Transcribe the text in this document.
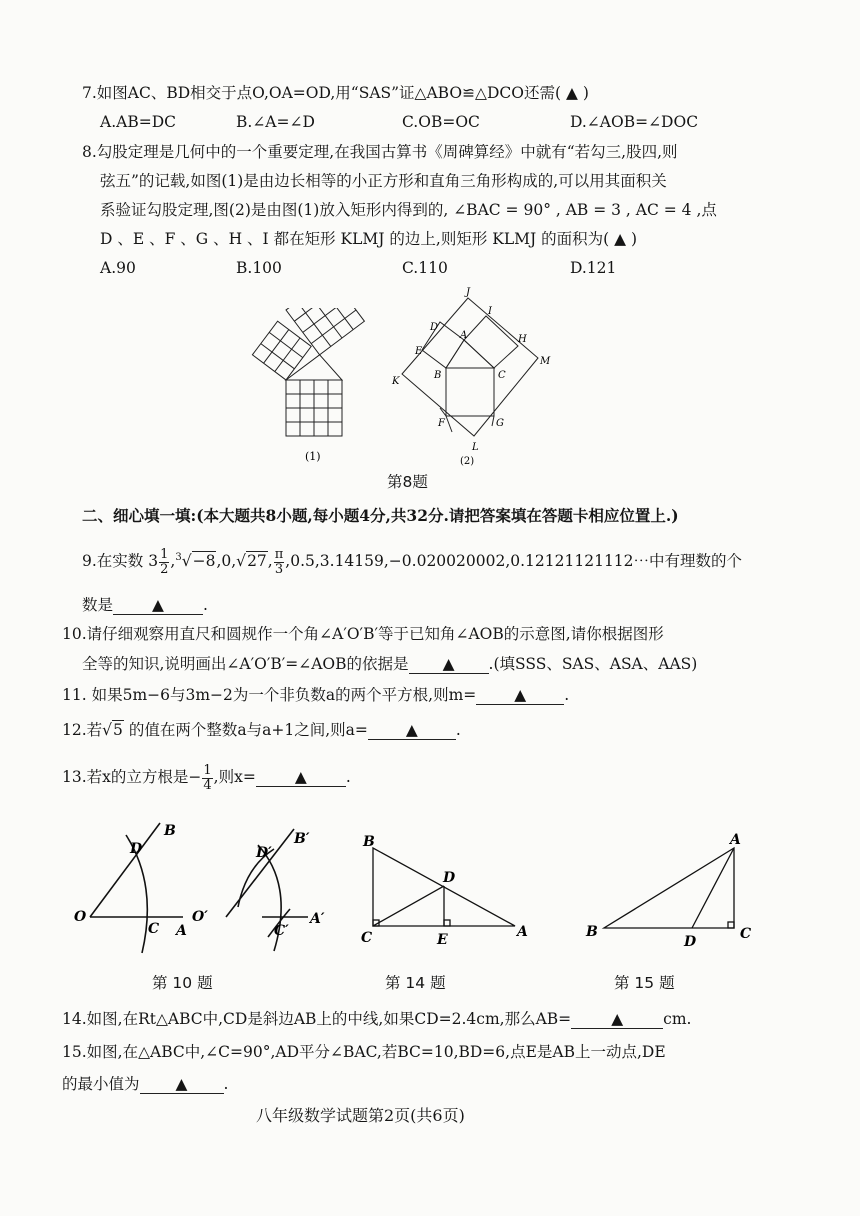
7.如图AC、BD相交于点O,OA=OD,用“SAS”证△ABO≌△DCO还需( ▲ )
A.AB=DC	B.∠A=∠D	C.OB=OC	D.∠AOB=∠DOC
8.勾股定理是几何中的一个重要定理,在我国古算书《周碑算经》中就有“若勾三,股四,则
弦五”的记载,如图(1)是由边长相等的小正方形和直角三角形构成的,可以用其面积关
系验证勾股定理,图(2)是由图(1)放入矩形内得到的, ∠BAC = 90° , AB = 3 , AC = 4 ,点
D 、E 、F 、G 、H 、I 都在矩形 KLMJ 的边上,则矩形 KLMJ 的面积为( ▲ )
A.90	B.100	C.110	D.121
(1)
J
I
D
H
A
E
M
K
B	C
F	G
L
(2)
第8题
二、细心填一填:(本大题共8小题,每小题4分,共32分.请把答案填在答题卡相应位置上.)
9.在实数 $3 \frac{1}{2} ,^3√-8,0,√27$, $\frac{\pi}{3}$ ,0.5,3.14159,−0.020020002,0.12121121112⋯中有理数的个
数是	▲	.
10.请仔细观察用直尺和圆规作一个角∠A′O′B′等于已知角∠AOB的示意图,请你根据图形
全等的知识,说明画出∠A′O′B′=∠AOB的依据是 ▲ .(填SSS、SAS、ASA、AAS)
11. 如果5m−6与3m−2为一个非负数a的两个平方根,则m= ▲ .
12.若√5 的值在两个整数a与a+1之间,则a= ▲ .
13.若x的立方根是− $\frac{1}{4}$ ,则x=	▲	.
B
D
O
C A
B′
D′
O′
C′
A′
B
D
C	E	A
A
B
D	C
第 10 题	第 14 题	第 15 题
14.如图,在Rt△ABC中,CD是斜边AB上的中线,如果CD=2.4cm,那么AB=	▲	cm.
15.如图,在△ABC中,∠C=90°,AD平分∠BAC,若BC=10,BD=6,点E是AB上一动点,DE
的最小值为 ▲ .
八年级数学试题第2页(共6页)
